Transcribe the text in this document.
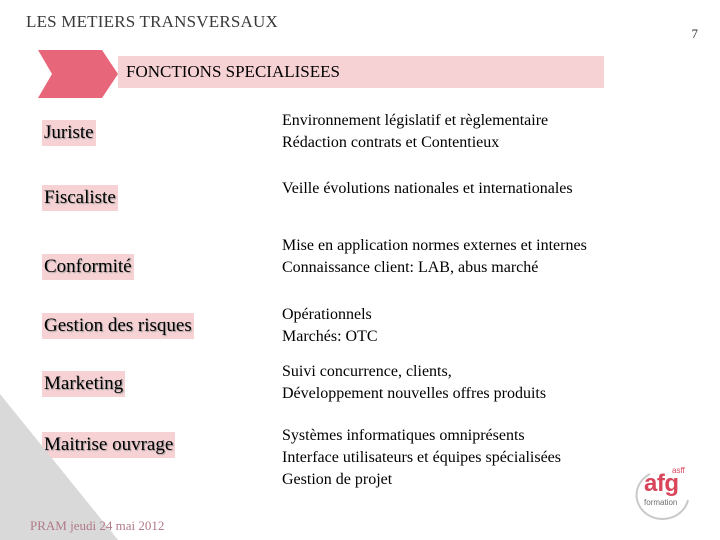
LES METIERS TRANSVERSAUX
7
FONCTIONS SPECIALISEES
Juriste
Environnement législatif et règlementaire
Rédaction contrats et Contentieux
Fiscaliste	Veille évolutions nationales et internationales
Conformité
Mise en application normes externes et internes
Connaissance client: LAB, abus marché
Gestion des risques
Opérationnels
Marchés: OTC
Marketing
Suivi concurrence, clients,
Développement nouvelles offres produits
Maitrise ouvrage	Systèmes informatiques omniprésents
Interface utilisateurs et équipes spécialisées
Gestion de projet
PRAM jeudi 24 mai 2012
asff
afg
formation
